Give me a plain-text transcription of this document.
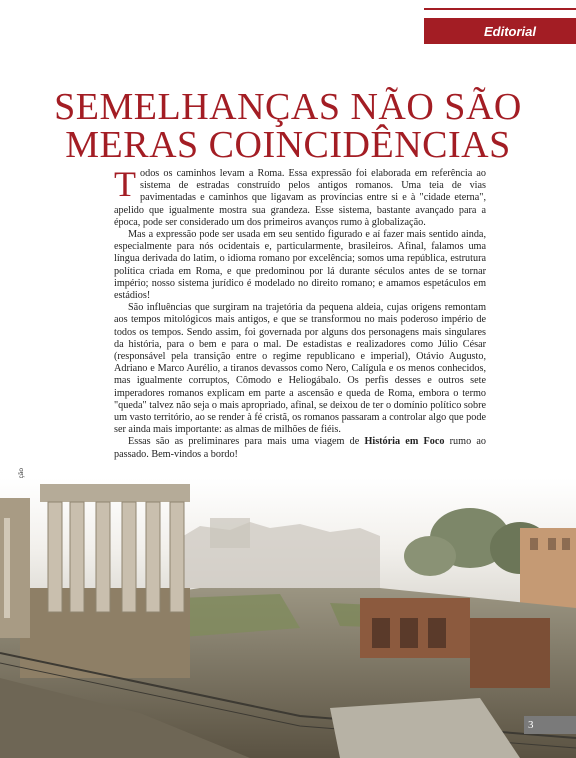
Editorial
SEMELHANÇAS NÃO SÃO
MERAS COINCIDÊNCIAS

Todos os caminhos levam a Roma. Essa expressão foi elaborada em referência ao sistema de estradas construído pelos antigos romanos. Uma teia de vias pavimentadas e caminhos que ligavam as províncias entre si e à "cidade eterna", apelido que igualmente mostra sua grandeza. Esse sistema, bastante avançado para a época, pode ser considerado um dos primeiros avanços rumo à globalização.

Mas a expressão pode ser usada em seu sentido figurado e aí fazer mais sentido ainda, especialmente para nós ocidentais e, particularmente, brasileiros. Afinal, falamos uma língua derivada do latim, o idioma romano por excelência; somos uma república, estrutura política criada em Roma, e que predominou por lá durante séculos antes de se tornar império; nosso sistema jurídico é modelado no direito romano; e amamos espetáculos em estádios!

São influências que surgiram na trajetória da pequena aldeia, cujas origens remontam aos tempos mitológicos mais antigos, e que se transformou no mais poderoso império de todos os tempos. Sendo assim, foi governada por alguns dos personagens mais singulares da história, para o bem e para o mal. De estadistas e realizadores como Júlio César (responsável pela transição entre o regime republicano e imperial), Otávio Augusto, Adriano e Marco Aurélio, a tiranos devassos como Nero, Calígula e os menos conhecidos, mas igualmente corruptos, Cômodo e Heliogábalo. Os perfis desses e outros sete imperadores romanos explicam em parte a ascensão e queda de Roma, embora o termo "queda" talvez não seja o mais apropriado, afinal, se deixou de ter o domínio político sobre um vasto território, ao se render à fé cristã, os romanos passaram a controlar algo que pode ser ainda mais importante: as almas de milhões de fiéis.

Essas são as preliminares para mais uma viagem de História em Foco rumo ao passado. Bem-vindos a bordo!

3
